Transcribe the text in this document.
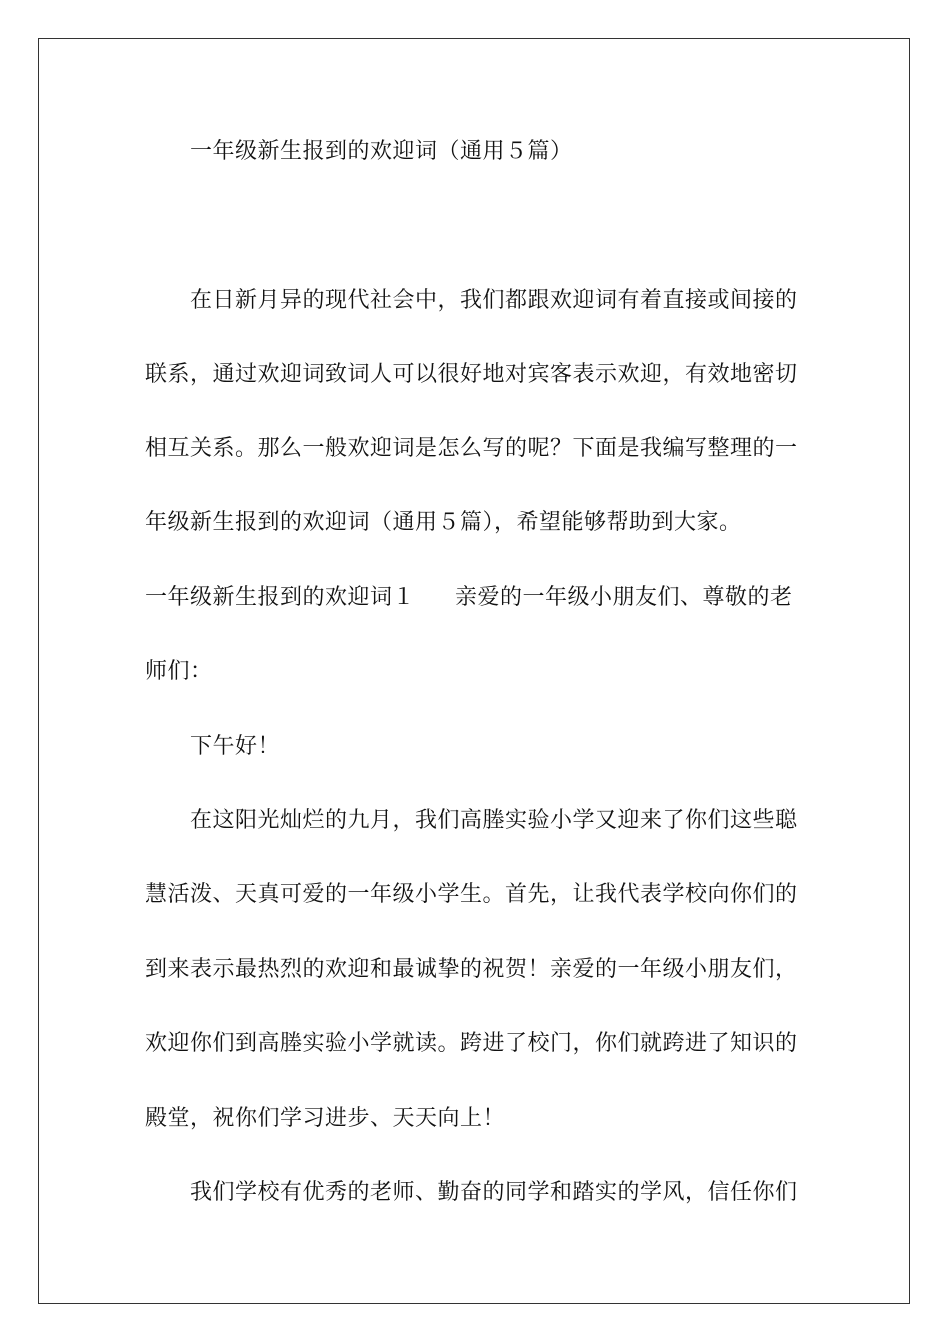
一年级新生报到的欢迎词（通用５篇）
在日新月异的现代社会中，我们都跟欢迎词有着直接或间接的
联系，通过欢迎词致词人可以很好地对宾客表示欢迎，有效地密切
相互关系。那么一般欢迎词是怎么写的呢？下面是我编写整理的一
年级新生报到的欢迎词（通用５篇），希望能够帮助到大家。
一年级新生报到的欢迎词１ 亲爱的一年级小朋友们、尊敬的老
师们：
下午好！
在这阳光灿烂的九月，我们高塍实验小学又迎来了你们这些聪
慧活泼、天真可爱的一年级小学生。首先，让我代表学校向你们的
到来表示最热烈的欢迎和最诚挚的祝贺！亲爱的一年级小朋友们，
欢迎你们到高塍实验小学就读。跨进了校门，你们就跨进了知识的
殿堂，祝你们学习进步、天天向上！
我们学校有优秀的老师、勤奋的同学和踏实的学风，信任你们
